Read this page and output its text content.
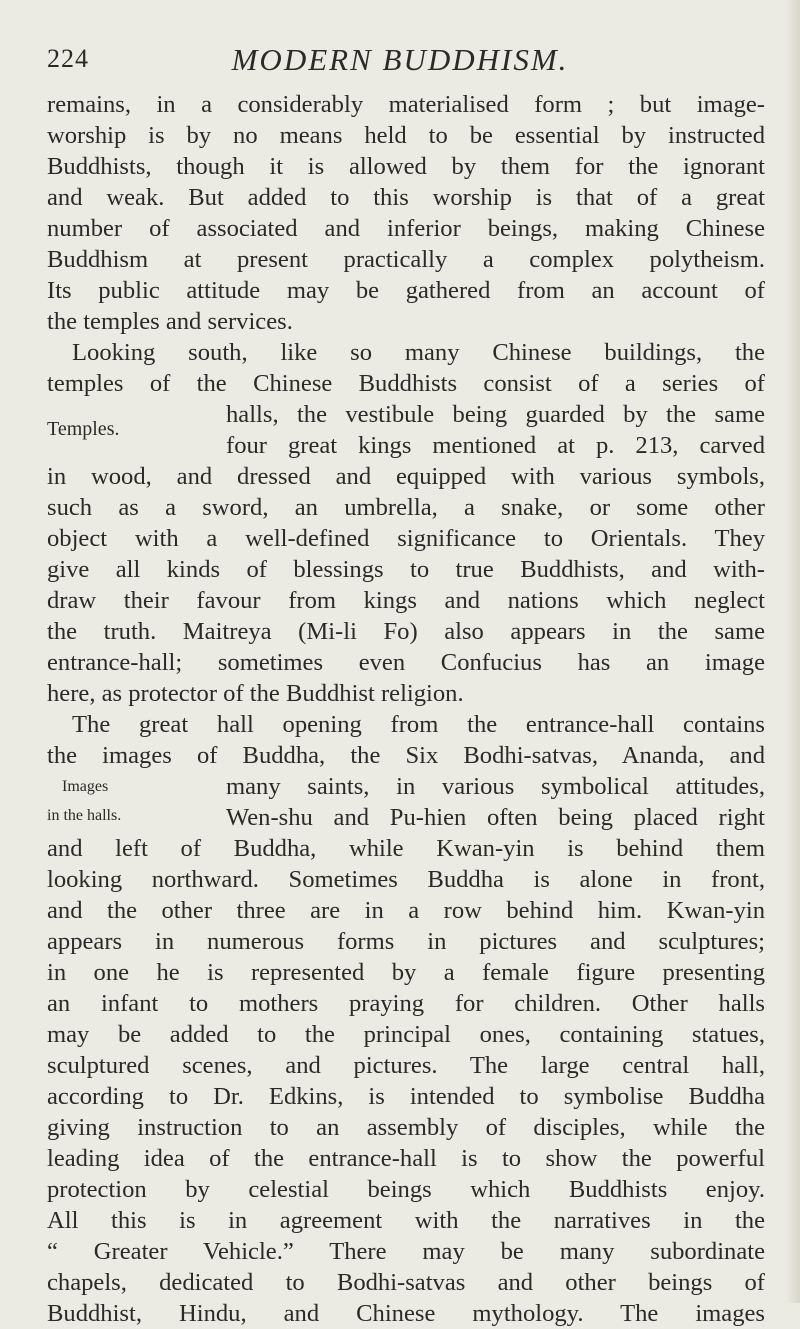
224	MODERN BUDDHISM.
remains, in a considerably materialised form ; but image-
worship is by no means held to be essential by instructed
Buddhists, though it is allowed by them for the ignorant
and weak. But added to this worship is that of a great
number of associated and inferior beings, making Chinese
Buddhism at present practically a complex polytheism.
Its public attitude may be gathered from an account of
the temples and services.
Looking south, like so many Chinese buildings, the
temples of the Chinese Buddhists consist of a series of
halls, the vestibule being guarded by the same
four great kings mentioned at p. 213, carved
in wood, and dressed and equipped with various symbols,
such as a sword, an umbrella, a snake, or some other
object with a well-defined significance to Orientals. They
give all kinds of blessings to true Buddhists, and with-
draw their favour from kings and nations which neglect
the truth. Maitreya (Mi-li Fo) also appears in the same
entrance-hall; sometimes even Confucius has an image
here, as protector of the Buddhist religion.
The great hall opening from the entrance-hall contains
the images of Buddha, the Six Bodhi-satvas, Ananda, and
many saints, in various symbolical attitudes,
Wen-shu and Pu-hien often being placed right
and left of Buddha, while Kwan-yin is behind them
looking northward. Sometimes Buddha is alone in front,
and the other three are in a row behind him. Kwan-yin
appears in numerous forms in pictures and sculptures;
in one he is represented by a female figure presenting
an infant to mothers praying for children. Other halls
may be added to the principal ones, containing statues,
sculptured scenes, and pictures. The large central hall,
according to Dr. Edkins, is intended to symbolise Buddha
giving instruction to an assembly of disciples, while the
leading idea of the entrance-hall is to show the powerful
protection by celestial beings which Buddhists enjoy.
All this is in agreement with the narratives in the
“ Greater Vehicle.” There may be many subordinate
chapels, dedicated to Bodhi-satvas and other beings of
Buddhist, Hindu, and Chinese mythology. The images
Temples.
Images
in the halls.
